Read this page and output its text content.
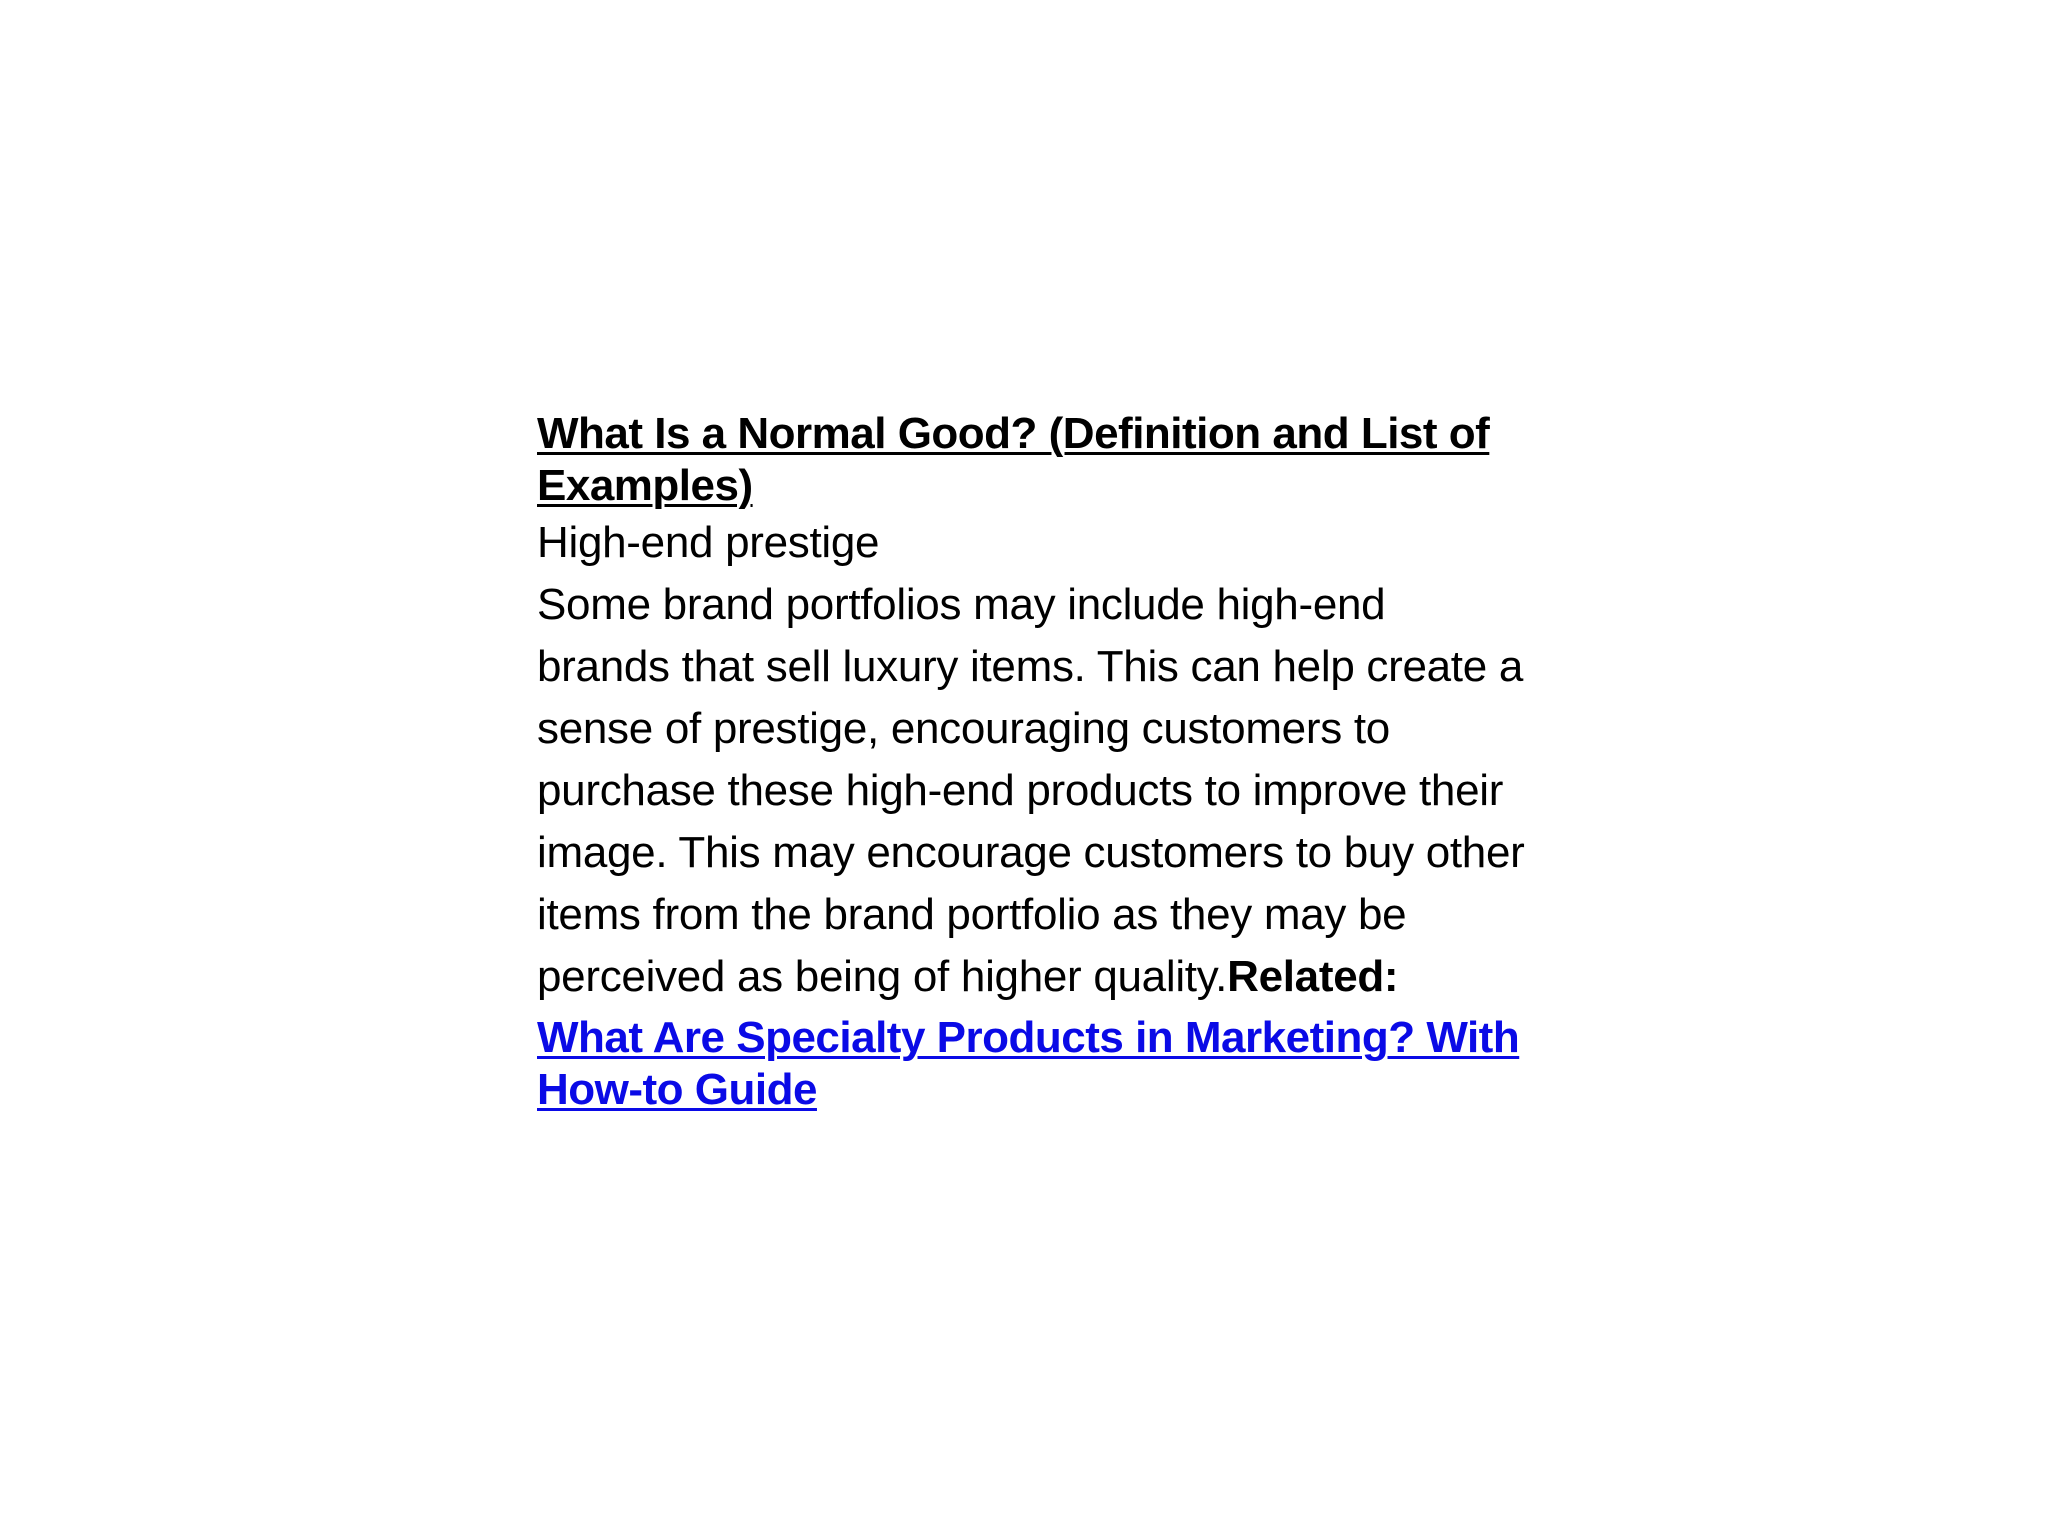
What Is a Normal Good? (Definition and List of Examples)

High-end prestige

Some brand portfolios may include high-end brands that sell luxury items. This can help create a sense of prestige, encouraging customers to purchase these high-end products to improve their image. This may encourage customers to buy other items from the brand portfolio as they may be perceived as being of higher quality.Related:

What Are Specialty Products in Marketing? With How-to Guide
